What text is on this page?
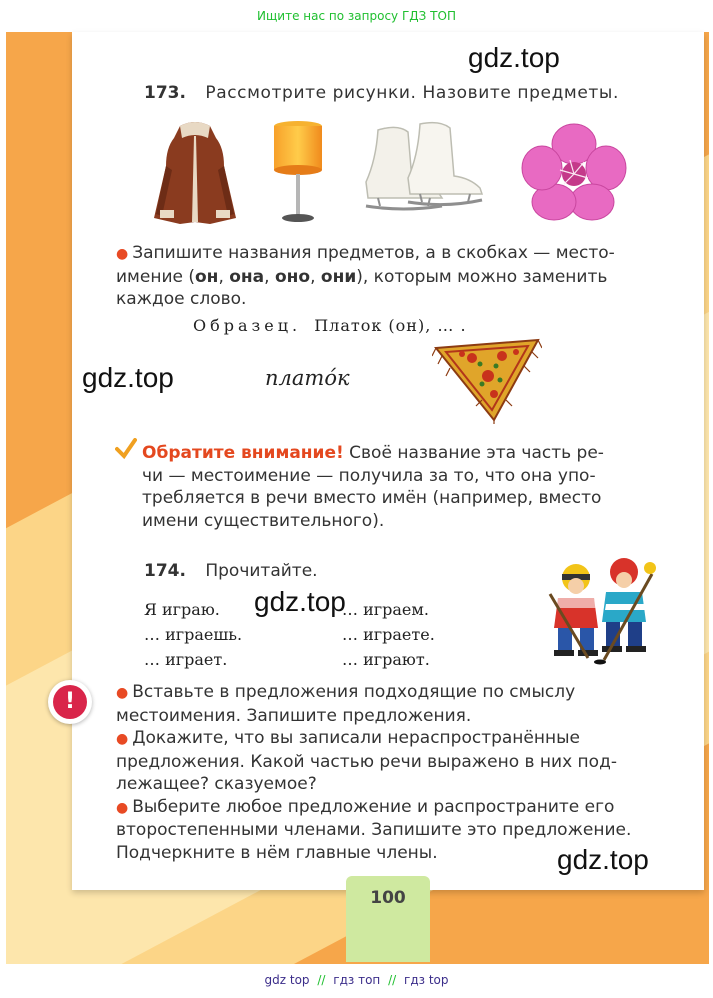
Ищите нас по запросу ГДЗ ТОП
gdz.top
gdz.top
gdz.top
gdz.top
173. Рассмотрите рисунки. Назовите предметы.
● Запишите названия предметов, а в скобках — место-
имение (он, она, оно, они), которым можно заменить
каждое слово.
Образец. Платок (он), … .
платóк
Обратите внимание! Своё название эта часть ре-
чи — местоимение — получила за то, что она упо-
требляется в речи вместо имён (например, вместо
имени существительного).
174. Прочитайте.
Я играю.
… играешь.
… играет.
… играем.
… играете.
… играют.
!	● Вставьте в предложения подходящие по смыслу
местоимения. Запишите предложения.
● Докажите, что вы записали нераспространённые
предложения. Какой частью речи выражено в них под-
лежащее? сказуемое?
● Выберите любое предложение и распространите его
второстепенными членами. Запишите это предложение.
Подчеркните в нём главные члены.
100
gdz top // гдз топ // гдз top
